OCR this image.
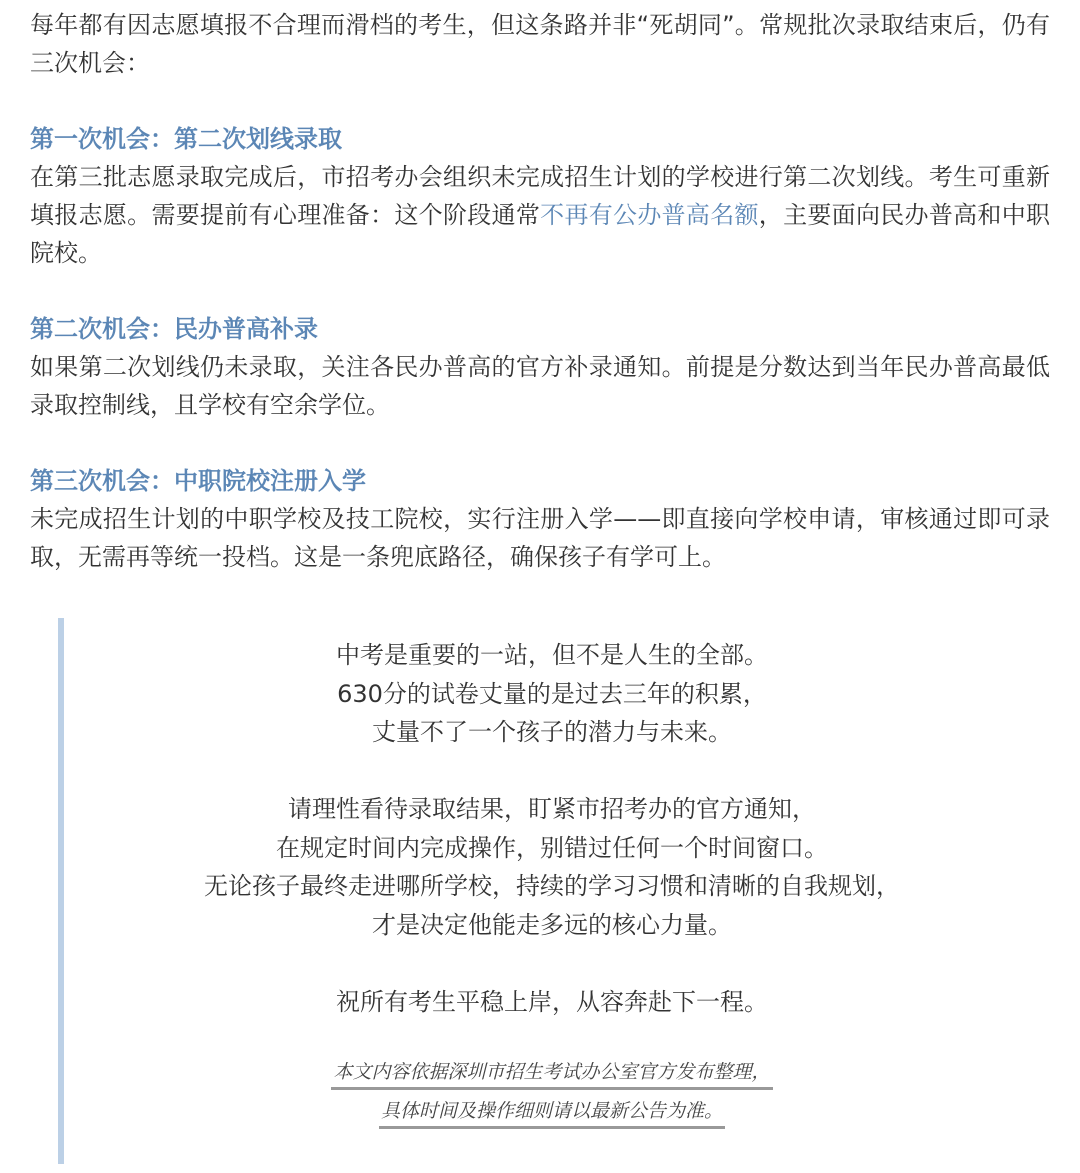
每年都有因志愿填报不合理而滑档的考生，但这条路并非“死胡同”。常规批次录取结束后，仍有三次机会：

第一次机会：第二次划线录取

在第三批志愿录取完成后，市招考办会组织未完成招生计划的学校进行第二次划线。考生可重新填报志愿。需要提前有心理准备：这个阶段通常不再有公办普高名额，主要面向民办普高和中职院校。

第二次机会：民办普高补录

如果第二次划线仍未录取，关注各民办普高的官方补录通知。前提是分数达到当年民办普高最低录取控制线，且学校有空余学位。

第三次机会：中职院校注册入学

未完成招生计划的中职学校及技工院校，实行注册入学——即直接向学校申请，审核通过即可录取，无需再等统一投档。这是一条兜底路径，确保孩子有学可上。

中考是重要的一站，但不是人生的全部。

630分的试卷丈量的是过去三年的积累，

丈量不了一个孩子的潜力与未来。

请理性看待录取结果，盯紧市招考办的官方通知，

在规定时间内完成操作，别错过任何一个时间窗口。

无论孩子最终走进哪所学校，持续的学习习惯和清晰的自我规划，

才是决定他能走多远的核心力量。

祝所有考生平稳上岸，从容奔赴下一程。

本文内容依据深圳市招生考试办公室官方发布整理，
具体时间及操作细则请以最新公告为准。
